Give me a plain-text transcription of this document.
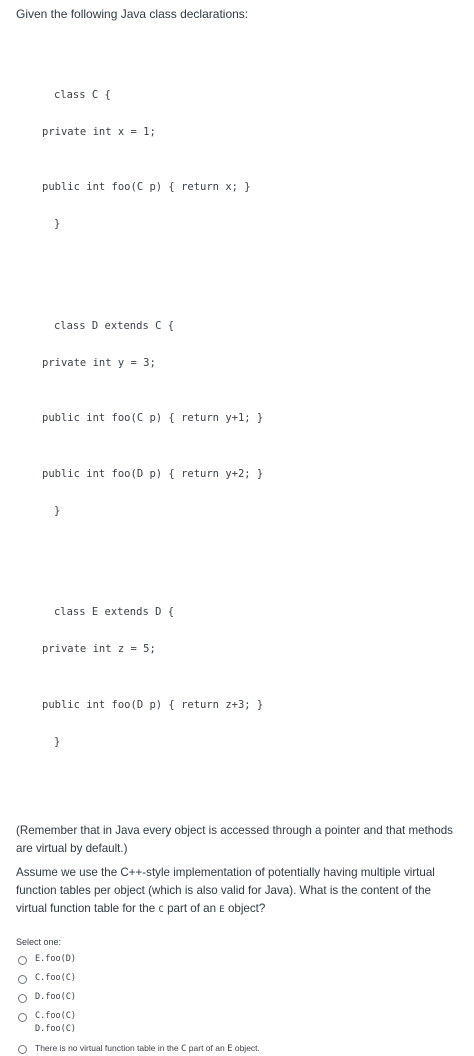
Given the following Java class declarations:

class C {

private int x = 1;

public int foo(C p) { return x; }

}

class D extends C {

private int y = 3;

public int foo(C p) { return y+1; }

public int foo(D p) { return y+2; }

}

class E extends D {

private int z = 5;

public int foo(D p) { return z+3; }

}

(Remember that in Java every object is accessed through a pointer and that methods are virtual by default.)

Assume we use the C++-style implementation of potentially having multiple virtual function tables per object (which is also valid for Java). What is the content of the virtual function table for the C part of an E object?

Select one:
E.foo(D)
C.foo(C)
D.foo(C)
C.foo(C)
D.foo(C)
There is no virtual function table in the C part of an E object.
